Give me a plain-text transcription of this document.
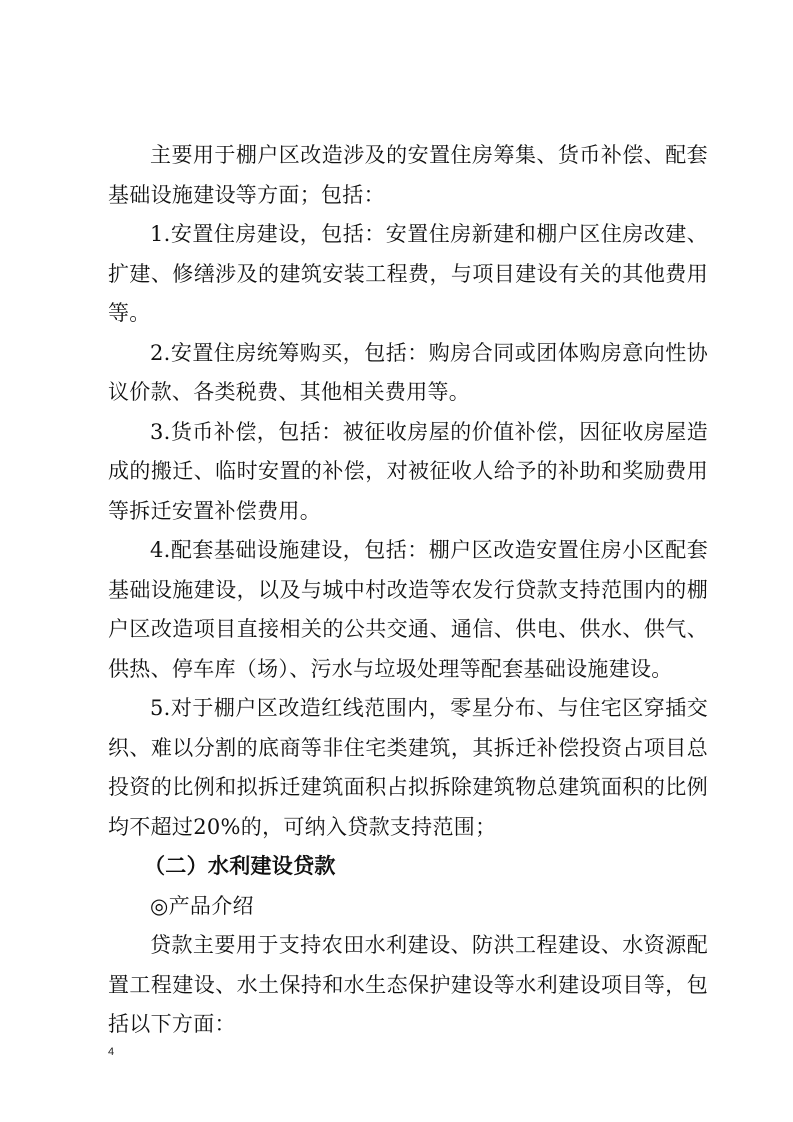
主要用于棚户区改造涉及的安置住房筹集、货币补偿、配套基础设施建设等方面；包括：

1.安置住房建设，包括：安置住房新建和棚户区住房改建、扩建、修缮涉及的建筑安装工程费，与项目建设有关的其他费用等。

2.安置住房统筹购买，包括：购房合同或团体购房意向性协议价款、各类税费、其他相关费用等。

3.货币补偿，包括：被征收房屋的价值补偿，因征收房屋造成的搬迁、临时安置的补偿，对被征收人给予的补助和奖励费用等拆迁安置补偿费用。

4.配套基础设施建设，包括：棚户区改造安置住房小区配套基础设施建设，以及与城中村改造等农发行贷款支持范围内的棚户区改造项目直接相关的公共交通、通信、供电、供水、供气、供热、停车库（场）、污水与垃圾处理等配套基础设施建设。

5.对于棚户区改造红线范围内，零星分布、与住宅区穿插交织、难以分割的底商等非住宅类建筑，其拆迁补偿投资占项目总投资的比例和拟拆迁建筑面积占拟拆除建筑物总建筑面积的比例均不超过20%的，可纳入贷款支持范围；

（二）水利建设贷款

◎产品介绍

贷款主要用于支持农田水利建设、防洪工程建设、水资源配置工程建设、水土保持和水生态保护建设等水利建设项目等，包括以下方面：

4
